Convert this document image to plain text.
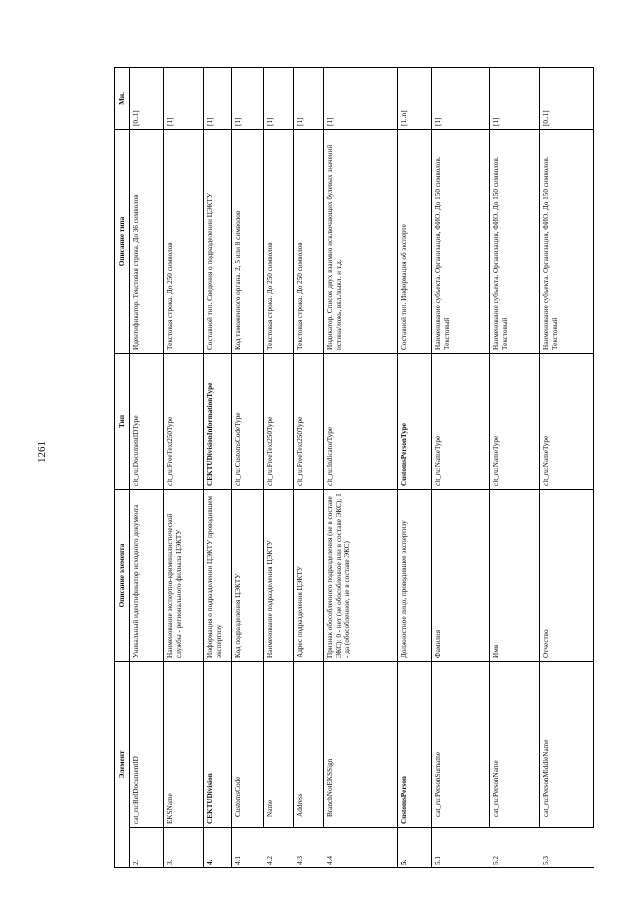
1261
Элемент		Описание элемента	Тип	Описание типа	Мн.
2.	cat_ru:RefDocumentID	Уникальный идентификатор исходного документа	clt_ru:DocumentIDType	Идентификатор. Текстовая строка. До 36 символов	[0..1]
3.	EKSName	Наименование экспертно-криминалистической службы - регионального филиала ЦЭКТУ	clt_ru:FreeText250Type	Текстовая строка. До 250 символов	[1]
4.	CEKTUDivision	Информация о подразделении ЦЭКТУ проводившем экспертизу	CEKTUDivisionInformationType	Составной тип. Сведения о подразделении ЦЭКТУ	[1]
4.1	CustomsCode	Код подразделения ЦЭКТУ	clt_ru:CustomsCodeType	Код таможенного органа. 2, 5 или 8 символов	[1]
4.2	Name	Наименование подразделения ЦЭКТУ	clt_ru:FreeText250Type	Текстовая строка. До 250 символов	[1]
4.3	Address	Адрес подразделения ЦЭКТУ	clt_ru:FreeText250Type	Текстовая строка. До 250 символов	[1]
4.4	BranchNotEKSSign	Признак обособленного подразделения (не в составе ЭКС): 0 - нет (не обособленное или в составе ЭКС); 1 - да (обособленное, не в составе ЭКС)	clt_ru:IndicatorType	Индикатор. Список двух взаимно исключающих булевых значений истина/ложь, вкл./выкл. и т.д.	[1]
5.	CustomsPerson	Должностное лицо, проводившее экспертизу	CustomsPersonType	Составной тип. Информация об эксперте	[1..n]
5.1	cat_ru:PersonSurname	Фамилия	clt_ru:NameType	Наименование субъекта. Организация, ФИО. До 150 символов. Текстовый	[1]
5.2	cat_ru:PersonName	Имя	clt_ru:NameType	Наименование субъекта. Организация, ФИО. До 150 символов. Текстовый	[1]
5.3	cat_ru:PersonMiddleName	Отчество	clt_ru:NameType	Наименование субъекта. Организация, ФИО. До 150 символов. Текстовый	[0..1]
